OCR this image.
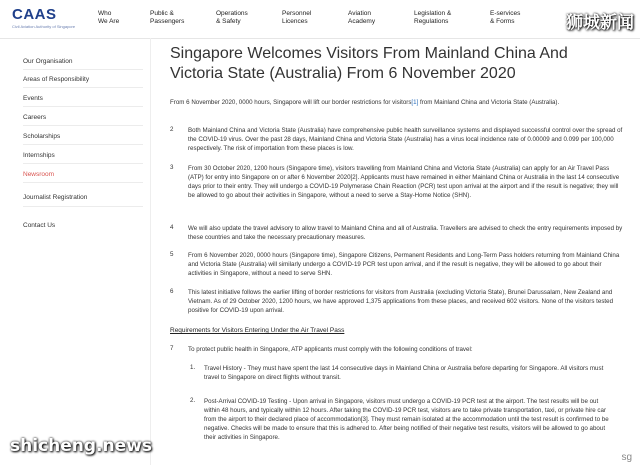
CAAS
Civil Aviation Authority of Singapore
Who
We Are
Public &
Passengers
Operations
& Safety
Personnel
Licences
Aviation
Academy
Legislation &
Regulations
E-services
& Forms	狮城新闻
Our Organisation
Areas of Responsibility
Events
Careers
Scholarships
Internships
Newsroom
Journalist Registration
Contact Us
Singapore Welcomes Visitors From Mainland China And Victoria State (Australia) From 6 November 2020
From 6 November 2020, 0000 hours, Singapore will lift our border restrictions for visitors[1] from Mainland China and Victoria State (Australia).
2 Both Mainland China and Victoria State (Australia) have comprehensive public health surveillance systems and displayed successful control over the spread of the COVID-19 virus. Over the past 28 days, Mainland China and Victoria State (Australia) has a virus local incidence rate of 0.00009 and 0.099 per 100,000 respectively. The risk of importation from these places is low.
3 From 30 October 2020, 1200 hours (Singapore time), visitors travelling from Mainland China and Victoria State (Australia) can apply for an Air Travel Pass (ATP) for entry into Singapore on or after 6 November 2020[2]. Applicants must have remained in either Mainland China or Australia in the last 14 consecutive days prior to their entry. They will undergo a COVID-19 Polymerase Chain Reaction (PCR) test upon arrival at the airport and if the result is negative; they will be allowed to go about their activities in Singapore, without a need to serve a Stay-Home Notice (SHN).
4 We will also update the travel advisory to allow travel to Mainland China and all of Australia. Travellers are advised to check the entry requirements imposed by these countries and take the necessary precautionary measures.
5 From 6 November 2020, 0000 hours (Singapore time), Singapore Citizens, Permanent Residents and Long-Term Pass holders returning from Mainland China and Victoria State (Australia) will similarly undergo a COVID-19 PCR test upon arrival, and if the result is negative, they will be allowed to go about their activities in Singapore, without a need to serve SHN.
6 This latest initiative follows the earlier lifting of border restrictions for visitors from Australia (excluding Victoria State), Brunei Darussalam, New Zealand and Vietnam. As of 29 October 2020, 1200 hours, we have approved 1,375 applications from these places, and received 602 visitors. None of the visitors tested positive for COVID-19 upon arrival.
Requirements for Visitors Entering Under the Air Travel Pass
7 To protect public health in Singapore, ATP applicants must comply with the following conditions of travel:
1. Travel History - They must have spent the last 14 consecutive days in Mainland China or Australia before departing for Singapore. All visitors must travel to Singapore on direct flights without transit.
2. Post-Arrival COVID-19 Testing - Upon arrival in Singapore, visitors must undergo a COVID-19 PCR test at the airport. The test results will be out within 48 hours, and typically within 12 hours. After taking the COVID-19 PCR test, visitors are to take private transportation, taxi, or private hire car from the airport to their declared place of accommodation[3]. They must remain isolated at the accommodation until the test result is confirmed to be negative. Checks will be made to ensure that this is adhered to. After being notified of their negative test results, visitors will be allowed to go about their activities in Singapore.
shicheng.news
sg
